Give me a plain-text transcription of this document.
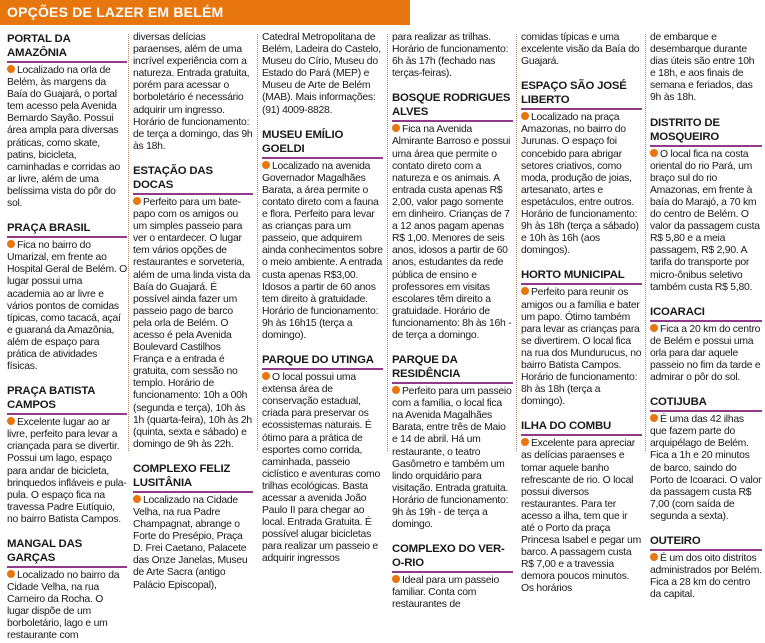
OPÇÕES DE LAZER EM BELÉM
PORTAL DA AMAZÔNIA
Localizado na orla de Belém, às margens da Baía do Guajará, o portal tem acesso pela Avenida Bernardo Sayão. Possui área ampla para diversas práticas, como skate, patins, bicicleta, caminhadas e corridas ao ar livre, além de uma belíssima vista do pôr do sol.
PRAÇA BRASIL
Fica no bairro do Umarizal, em frente ao Hospital Geral de Belém. O lugar possui uma academia ao ar livre e vários pontos de comidas típicas, como tacacá, açaí e guaraná da Amazônia, além de espaço para prática de atividades físicas.
PRAÇA BATISTA CAMPOS
Excelente lugar ao ar livre, perfeito para levar a criançada para se divertir. Possui um lago, espaço para andar de bicicleta, brinquedos infláveis e pula-pula. O espaço fica na travessa Padre Eutíquio, no bairro Batista Campos.
MANGAL DAS GARÇAS
Localizado no bairro da Cidade Velha, na rua Carneiro da Rocha. O lugar dispõe de um borboletário, lago e um restaurante com
diversas delícias paraenses, além de uma incrível experiência com a natureza. Entrada gratuita, porém para acessar o borboletário é necessário adquirir um ingresso. Horário de funcionamento: de terça a domingo, das 9h às 18h.
ESTAÇÃO DAS DOCAS
Perfeito para um bate-papo com os amigos ou um simples passeio para ver o entardecer. O lugar tem vários opções de restaurantes e sorveteria, além de uma linda vista da Baía do Guajará. É possível ainda fazer um passeio pago de barco pela orla de Belém. O acesso é pela Avenida Boulevard Castilhos França e a entrada é gratuita, com sessão no templo. Horário de funcionamento: 10h a 00h (segunda e terça), 10h às 1h (quarta-feira), 10h às 2h (quinta, sexta e sábado) e domingo de 9h às 22h.
COMPLEXO FELIZ LUSITÂNIA
Localizado na Cidade Velha, na rua Padre Champagnat, abrange o Forte do Presépio, Praça D. Frei Caetano, Palacete das Onze Janelas, Museu de Arte Sacra (antigo Palácio Episcopal),
Catedral Metropolitana de Belém, Ladeira do Castelo, Museu do Círio, Museu do Estado do Pará (MEP) e Museu de Arte de Belém (MAB). Mais informações: (91) 4009-8828.
MUSEU EMÍLIO GOELDI
Localizado na avenida Governador Magalhães Barata, a área permite o contato direto com a fauna e flora. Perfeito para levar as crianças para um passeio, que adquirem ainda conhecimentos sobre o meio ambiente. A entrada custa apenas R$3,00. Idosos a partir de 60 anos tem direito à gratuidade. Horário de funcionamento: 9h às 16h15 (terça a domingo).
PARQUE DO UTINGA
O local possui uma extensa área de conservação estadual, criada para preservar os ecossistemas naturais. É ótimo para a prática de esportes como corrida, caminhada, passeio ciclístico e aventuras como trilhas ecológicas. Basta acessar a avenida João Paulo II para chegar ao local. Entrada Gratuita. É possível alugar bicicletas para realizar um passeio e adquirir ingressos
para realizar as trilhas. Horário de funcionamento: 6h às 17h (fechado nas terças-feiras).
BOSQUE RODRIGUES ALVES
Fica na Avenida Almirante Barroso e possui uma área que permite o contato direto com a natureza e os animais. A entrada custa apenas R$ 2,00, valor pago somente em dinheiro. Crianças de 7 a 12 anos pagam apenas R$ 1,00. Menores de seis anos, idosos a partir de 60 anos, estudantes da rede pública de ensino e professores em visitas escolares têm direito a gratuidade. Horário de funcionamento: 8h às 16h - de terça a domingo.
PARQUE DA RESIDÊNCIA
Perfeito para um passeio com a família, o local fica na Avenida Magalhães Barata, entre três de Maio e 14 de abril. Há um restaurante, o teatro Gasômetro e também um lindo orquidário para visitação. Entrada gratuita. Horário de funcionamento: 9h às 19h - de terça a domingo.
COMPLEXO DO VER-O-RIO
Ideal para um passeio familiar. Conta com restaurantes de
comidas típicas e uma excelente visão da Baía do Guajará.
ESPAÇO SÃO JOSÉ LIBERTO
Localizado na praça Amazonas, no bairro do Jurunas. O espaço foi concebido para abrigar setores criativos, como moda, produção de joias, artesanato, artes e espetáculos, entre outros. Horário de funcionamento: 9h às 18h (terça a sábado) e 10h às 16h (aos domingos).
HORTO MUNICIPAL
Perfeito para reunir os amigos ou a família e bater um papo. Ótimo também para levar as crianças para se divertirem. O local fica na rua dos Mundurucus, no bairro Batista Campos. Horário de funcionamento: 8h às 18h (terça a domingo).
ILHA DO COMBU
Excelente para apreciar as delícias paraenses e tomar aquele banho refrescante de rio. O local possui diversos restaurantes. Para ter acesso a ilha, tem que ir até o Porto da praça Princesa Isabel e pegar um barco. A passagem custa R$ 7,00 e a travessia demora poucos minutos. Os horários
de embarque e desembarque durante dias úteis são entre 10h e 18h, e aos finais de semana e feriados, das 9h às 18h.
DISTRITO DE MOSQUEIRO
O local fica na costa oriental do rio Pará, um braço sul do rio Amazonas, em frente à baía do Marajó, a 70 km do centro de Belém. O valor da passagem custa R$ 5,80 e a meia passagem, R$ 2,90. A tarifa do transporte por micro-ônibus seletivo também custa R$ 5,80.
ICOARACI
Fica a 20 km do centro de Belém e possui uma orla para dar aquele passeio no fim da tarde e admirar o pôr do sol.
COTIJUBA
É uma das 42 ilhas que fazem parte do arquipélago de Belém. Fica a 1h e 20 minutos de barco, saindo do Porto de Icoaraci. O valor da passagem custa R$ 7,00 (com saída de segunda a sexta).
OUTEIRO
É um dos oito distritos administrados por Belém. Fica a 28 km do centro da capital.
